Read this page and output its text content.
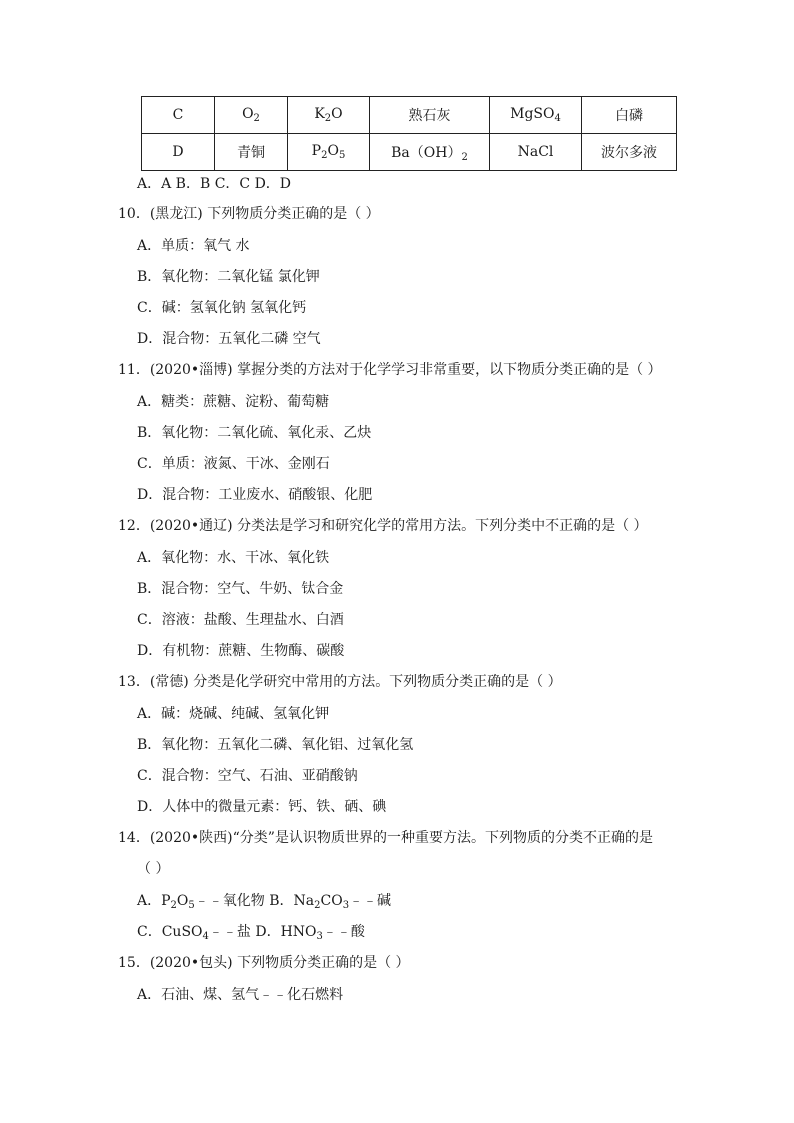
C	$O_2$	$K_2O$	熟石灰	MgSO$_4$	白磷
D	青铜	$P_2O_5$	$Ba(OH)_2$	NaCl	波尔多液
A．A B．B C．C D．D
10．(黑龙江) 下列物质分类正确的是（ ）
A．单质：氧气 水
B．氧化物：二氧化锰 氯化钾
C．碱：氢氧化钠 氢氧化钙
D．混合物：五氧化二磷 空气
11．(2020•淄博) 掌握分类的方法对于化学学习非常重要，以下物质分类正确的是（ ）
A．糖类：蔗糖、淀粉、葡萄糖
B．氧化物：二氧化硫、氧化汞、乙炔
C．单质：液氮、干冰、金刚石
D．混合物：工业废水、硝酸银、化肥
12．(2020•通辽) 分类法是学习和研究化学的常用方法。下列分类中不正确的是（ ）
A．氧化物：水、干冰、氧化铁
B．混合物：空气、牛奶、钛合金
C．溶液：盐酸、生理盐水、白酒
D．有机物：蔗糖、生物酶、碳酸
13．(常德) 分类是化学研究中常用的方法。下列物质分类正确的是（ ）
A．碱：烧碱、纯碱、氢氧化钾
B．氧化物：五氧化二磷、氧化铝、过氧化氢
C．混合物：空气、石油、亚硝酸钠
D．人体中的微量元素：钙、铁、硒、碘
14．(2020•陕西)“分类”是认识物质世界的一种重要方法。下列物质的分类不正确的是
（ ）
A．$P_2O_5﹣﹣$氧化物 B．$Na_2CO_3﹣﹣$碱
C．CuSO$_4$﹣﹣盐 D．$HNO_3﹣﹣$酸
15．(2020•包头) 下列物质分类正确的是（ ）
A．石油、煤、氢气﹣﹣化石燃料
